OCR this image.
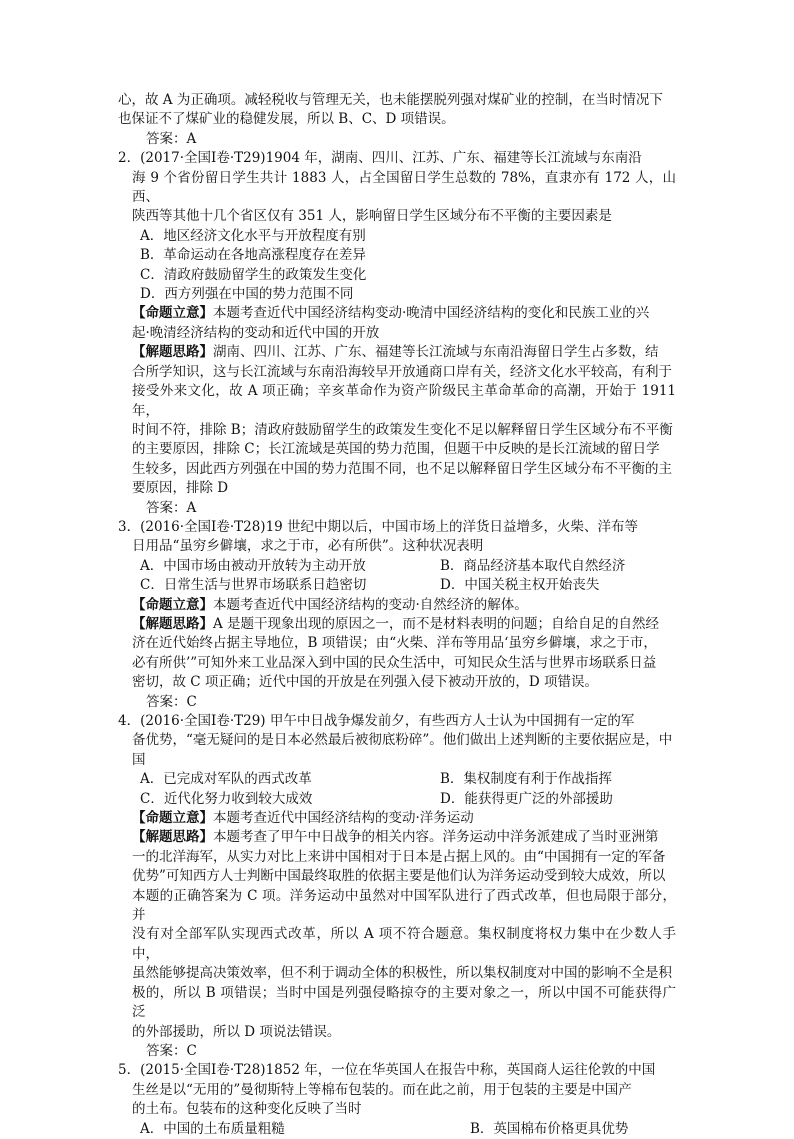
心，故 A 为正确项。减轻税收与管理无关，也未能摆脱列强对煤矿业的控制，在当时情况下

也保证不了煤矿业的稳健发展，所以 B、C、D 项错误。

答案：A

2．(2017·全国Ⅰ卷·T29)1904 年，湖南、四川、江苏、广东、福建等长江流域与东南沿

海 9 个省份留日学生共计 1883 人，占全国留日学生总数的 78%，直隶亦有 172 人，山西、

陕西等其他十几个省区仅有 351 人，影响留日学生区域分布不平衡的主要因素是

A．地区经济文化水平与开放程度有别

B．革命运动在各地高涨程度存在差异

C．清政府鼓励留学生的政策发生变化

D．西方列强在中国的势力范围不同

【命题立意】本题考查近代中国经济结构变动·晚清中国经济结构的变化和民族工业的兴

起·晚清经济结构的变动和近代中国的开放

【解题思路】湖南、四川、江苏、广东、福建等长江流域与东南沿海留日学生占多数，结

合所学知识，这与长江流域与东南沿海较早开放通商口岸有关，经济文化水平较高，有利于

接受外来文化，故 A 项正确；辛亥革命作为资产阶级民主革命革命的高潮，开始于 1911 年，

时间不符，排除 B；清政府鼓励留学生的政策发生变化不足以解释留日学生区域分布不平衡

的主要原因，排除 C；长江流域是英国的势力范围，但题干中反映的是长江流域的留日学

生较多，因此西方列强在中国的势力范围不同，也不足以解释留日学生区域分布不平衡的主

要原因，排除 D

答案：A

3．(2016·全国Ⅰ卷·T28)19 世纪中期以后，中国市场上的洋货日益增多，火柴、洋布等

日用品“虽穷乡僻壤，求之于市，必有所供”。这种状况表明

A．中国市场由被动开放转为主动开放	B．商品经济基本取代自然经济
C．日常生活与世界市场联系日趋密切	D．中国关税主权开始丧失

【命题立意】本题考查近代中国经济结构的变动·自然经济的解体。

【解题思路】A 是题干现象出现的原因之一，而不是材料表明的问题；自给自足的自然经

济在近代始终占据主导地位，B 项错误；由“火柴、洋布等用品‘虽穷乡僻壤，求之于市，

必有所供’”可知外来工业品深入到中国的民众生活中，可知民众生活与世界市场联系日益

密切，故 C 项正确；近代中国的开放是在列强入侵下被动开放的，D 项错误。

答案：C

4．(2016·全国Ⅰ卷·T29) 甲午中日战争爆发前夕，有些西方人士认为中国拥有一定的军

备优势，“毫无疑问的是日本必然最后被彻底粉碎”。他们做出上述判断的主要依据应是，中

国

A．已完成对军队的西式改革	B．集权制度有利于作战指挥
C．近代化努力收到较大成效	D．能获得更广泛的外部援助

【命题立意】本题考查近代中国经济结构的变动·洋务运动

【解题思路】本题考查了甲午中日战争的相关内容。洋务运动中洋务派建成了当时亚洲第

一的北洋海军，从实力对比上来讲中国相对于日本是占据上风的。由“中国拥有一定的军备

优势”可知西方人士判断中国最终取胜的依据主要是他们认为洋务运动受到较大成效，所以

本题的正确答案为 C 项。洋务运动中虽然对中国军队进行了西式改革，但也局限于部分，并

没有对全部军队实现西式改革，所以 A 项不符合题意。集权制度将权力集中在少数人手中，

虽然能够提高决策效率，但不利于调动全体的积极性，所以集权制度对中国的影响不全是积

极的，所以 B 项错误；当时中国是列强侵略掠夺的主要对象之一，所以中国不可能获得广泛

的外部援助，所以 D 项说法错误。

答案：C

5．(2015·全国Ⅰ卷·T28)1852 年，一位在华英国人在报告中称，英国商人运往伦敦的中国

生丝是以“无用的”曼彻斯特上等棉布包装的。而在此之前，用于包装的主要是中国产

的土布。包装布的这种变化反映了当时

A．中国的土布质量粗糙	B．英国棉布价格更具优势
